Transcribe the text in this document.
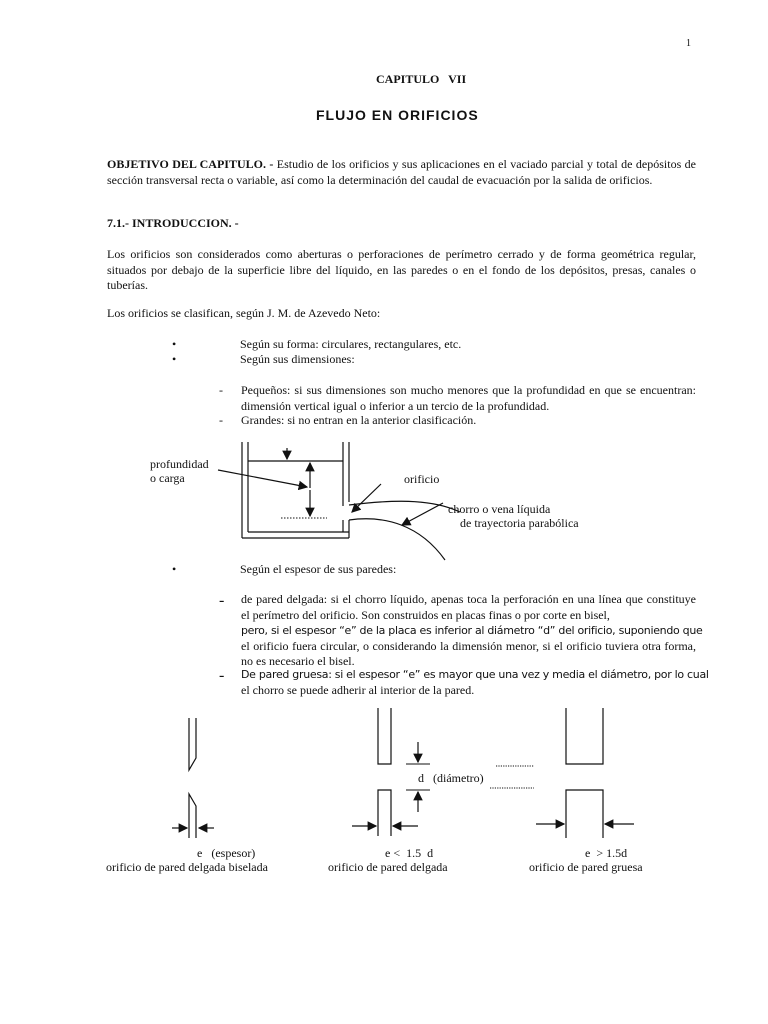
1
CAPITULO   VII
FLUJO EN ORIFICIOS

OBJETIVO DEL CAPITULO. - Estudio de los orificios y sus aplicaciones en el vaciado parcial y total de depósitos de sección transversal recta o variable, así como la determinación del caudal de evacuación por la salida de orificios.

7.1.- INTRODUCCION. -

Los orificios son considerados como aberturas o perforaciones de perímetro cerrado y de forma geométrica regular, situados por debajo de la superficie libre del líquido, en las paredes o en el fondo de los depósitos, presas, canales o tuberías.

Los orificios se clasifican, según J. M. de Azevedo Neto:

• Según su forma: circulares, rectangulares, etc.
• Según sus dimensiones:

- Pequeños: si sus dimensiones son mucho menores que la profundidad en que se encuentran: dimensión vertical igual o inferior a un tercio de la profundidad.

- Grandes: si no entran en la anterior clasificación.

profundidad
o carga	orificio
chorro o vena líquida
de trayectoria parabólica
• Según el espesor de sus paredes:

- de pared delgada: si el chorro líquido, apenas toca la perforación en una línea que constituye el perímetro del orificio. Son construidos en placas finas o por corte en bisel,

pero, si el espesor “e” de la placa es inferior al diámetro “d” del orificio, suponiendo que

el orificio fuera circular, o considerando la dimensión menor, si el orificio tuviera otra forma, no es necesario el bisel.

- De pared gruesa: si el espesor “e” es mayor que una vez y media el diámetro, por lo cual

el chorro se puede adherir al interior de la pared.

d   (diámetro)
e   (espesor)
orificio de pared delgada biselada
e <  1.5  d
orificio de pared delgada
e  > 1.5d
orificio de pared gruesa
